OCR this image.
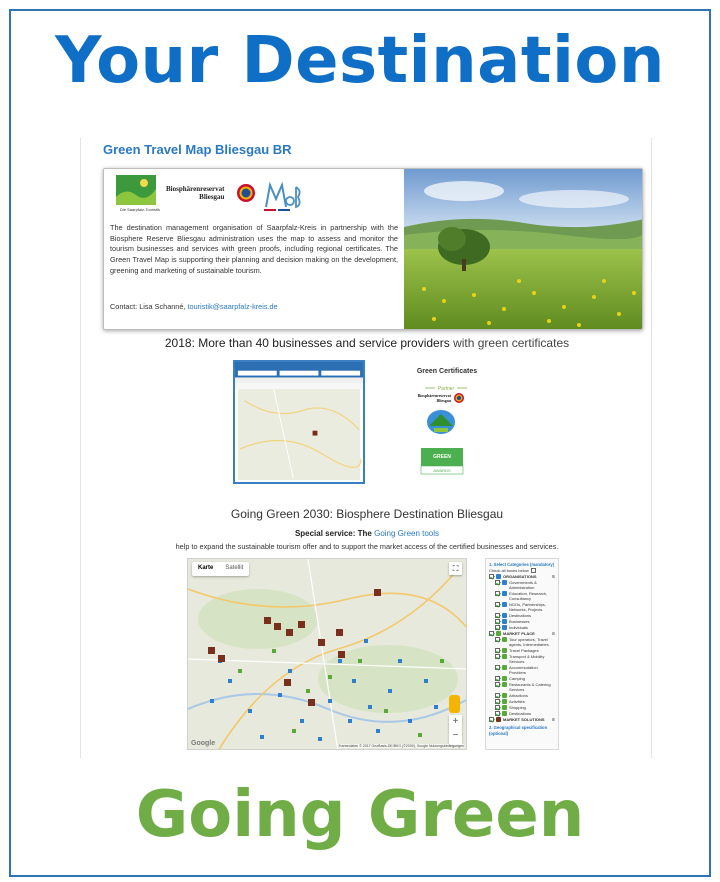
Your Destination
Green Travel Map Bliesgau BR
Die Saarpfalz-Touristik
Biosphärenreservat
Bliesgau
The destination management organisation of Saarpfalz-Kreis in partnership with the Biosphere Reserve Bliesgau administration uses the map to assess and monitor the tourism businesses and services with green proofs, including regional certificates. The Green Travel Map is supporting their planning and decision making on the development, greening and marketing of sustainable tourism.
Contact: Lisa Schanné, touristik@saarpfalz-kreis.de
2018: More than 40 businesses and service providers with green certificates
Green Certificates
Partner
Biosphärenreservat
Bliesgau
GREEN
AWARDS
Going Green 2030: Biosphere Destination Bliesgau
Special service: The Going Green tools
help to expand the sustainable tourism offer and to support the market access of the certified businesses and services.
Karte	Satellit	⛶
+
−
Google	Kartendaten © 2017 GeoBasis-DE/BKG (©2009), Google Nutzungsbedingungen
1. Select Categories (mandatory)
Check all boxes below
ORGANISATIONS	⊞
Governments & Administration
Education, Research, Consultancy
NGOs, Partnerships, Networks, Projects
Destinations
Businesses
Individuals
MARKET PLACE	⊞
Tour operators, Travel agents, Intermediaries
Travel Packages
Transport & Mobility Services
Accommodation Providers
Camping
Restaurants & Catering Services
Attractions
Activities
Shopping
Destinations
MARKET SOLUTIONS ⊞
2. Geographical specification (optional)
Going Green
